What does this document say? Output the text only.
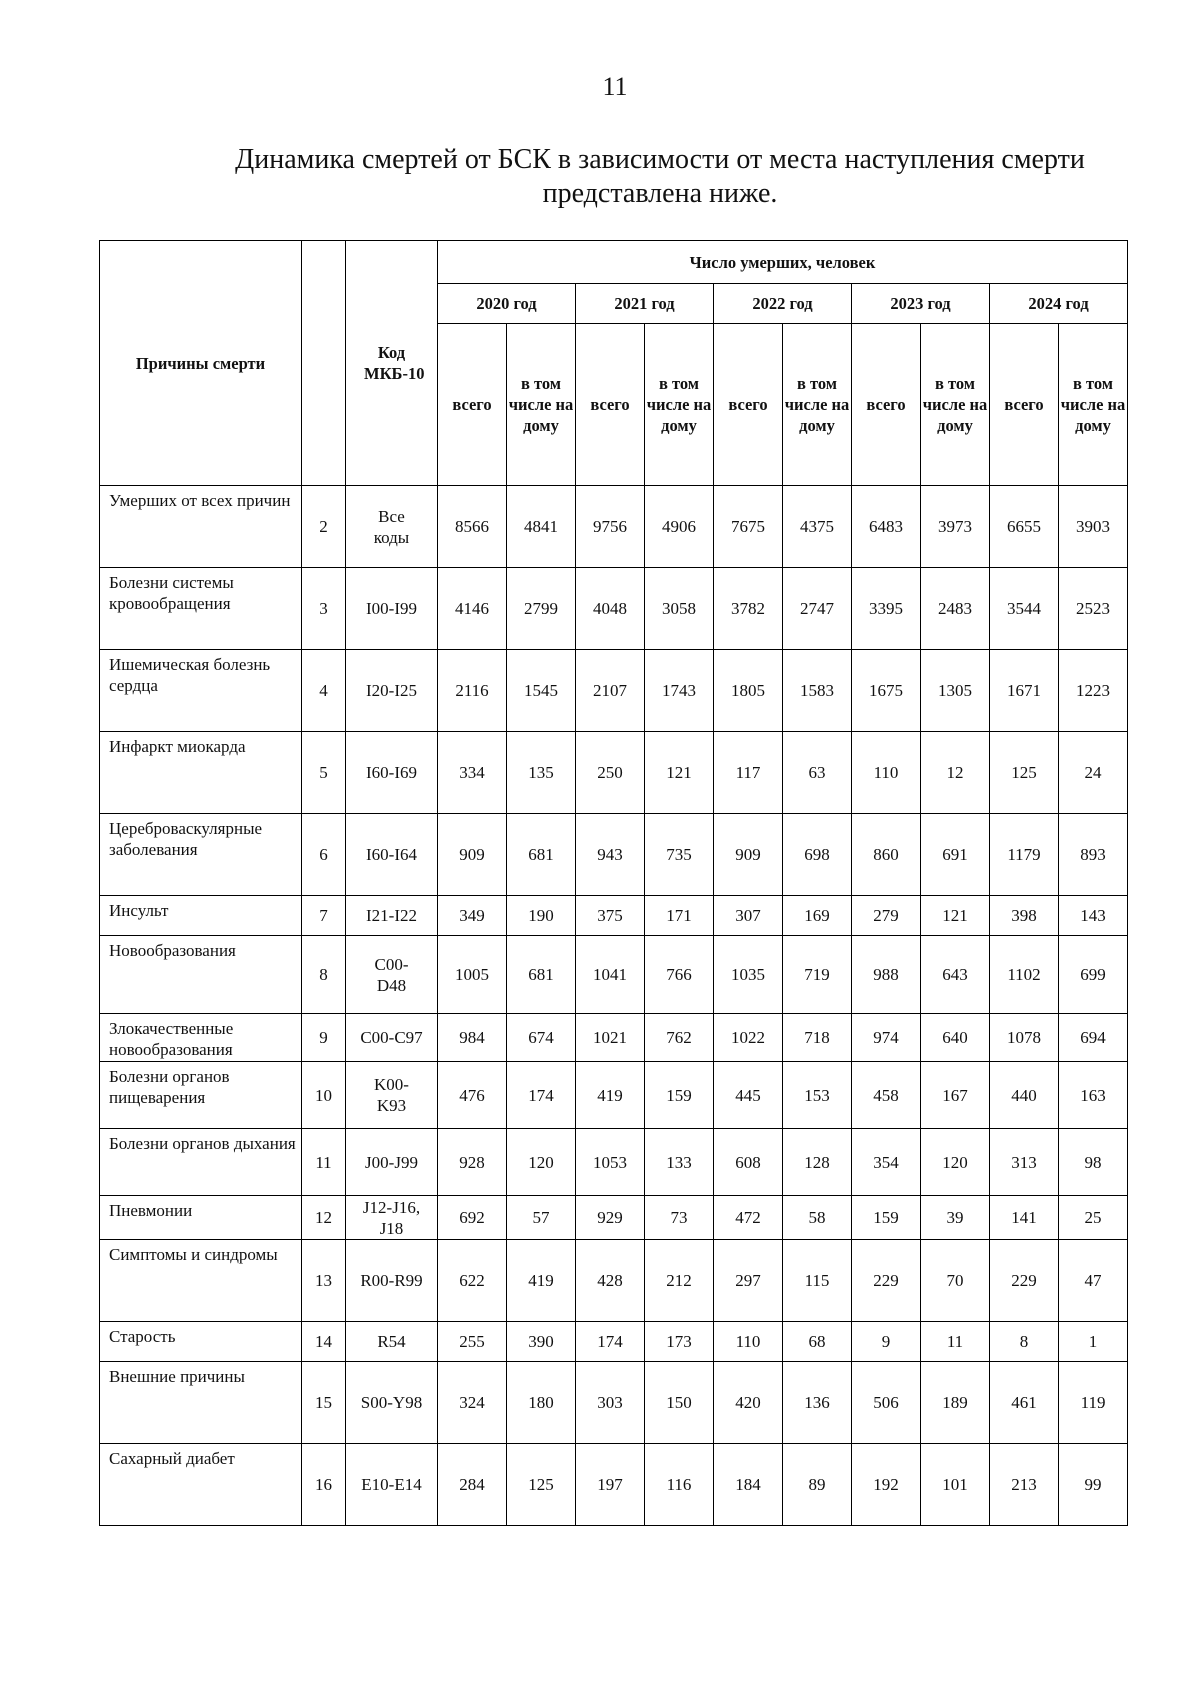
11
Динамика смертей от БСК в зависимости от места наступления смерти
представлена ниже.
Причины смерти		Код МКБ-10	Число умерших, человек									
			2020 год		2021 год		2022 год		2023 год		2024 год	
			всего	в том числе на дому	всего	в том числе на дому	всего	в том числе на дому	всего	в том числе на дому	всего	в том числе на дому
Умерших от всех причин	2	Все коды	8566	4841	9756	4906	7675	4375	6483	3973	6655	3903
Болезни системы кровообращения	3	I00-I99	4146	2799	4048	3058	3782	2747	3395	2483	3544	2523
Ишемическая болезнь сердца	4	I20-I25	2116	1545	2107	1743	1805	1583	1675	1305	1671	1223
Инфаркт миокарда	5	I60-I69	334	135	250	121	117	63	110	12	125	24
Цереброваскулярные заболевания	6	I60-I64	909	681	943	735	909	698	860	691	1179	893
Инсульт	7	I21-I22	349	190	375	171	307	169	279	121	398	143
Новообразования	8	C00-D48	1005	681	1041	766	1035	719	988	643	1102	699
Злокачественные новообразования	9	C00-C97	984	674	1021	762	1022	718	974	640	1078	694
Болезни органов пищеварения	10	K00-K93	476	174	419	159	445	153	458	167	440	163
Болезни органов дыхания	11	J00-J99	928	120	1053	133	608	128	354	120	313	98
Пневмонии	12	J12-J16, J18	692	57	929	73	472	58	159	39	141	25
Симптомы и синдромы	13	R00-R99	622	419	428	212	297	115	229	70	229	47
Старость	14	R54	255	390	174	173	110	68	9	11	8	1
Внешние причины	15	S00-Y98	324	180	303	150	420	136	506	189	461	119
Сахарный диабет	16	E10-E14	284	125	197	116	184	89	192	101	213	99
